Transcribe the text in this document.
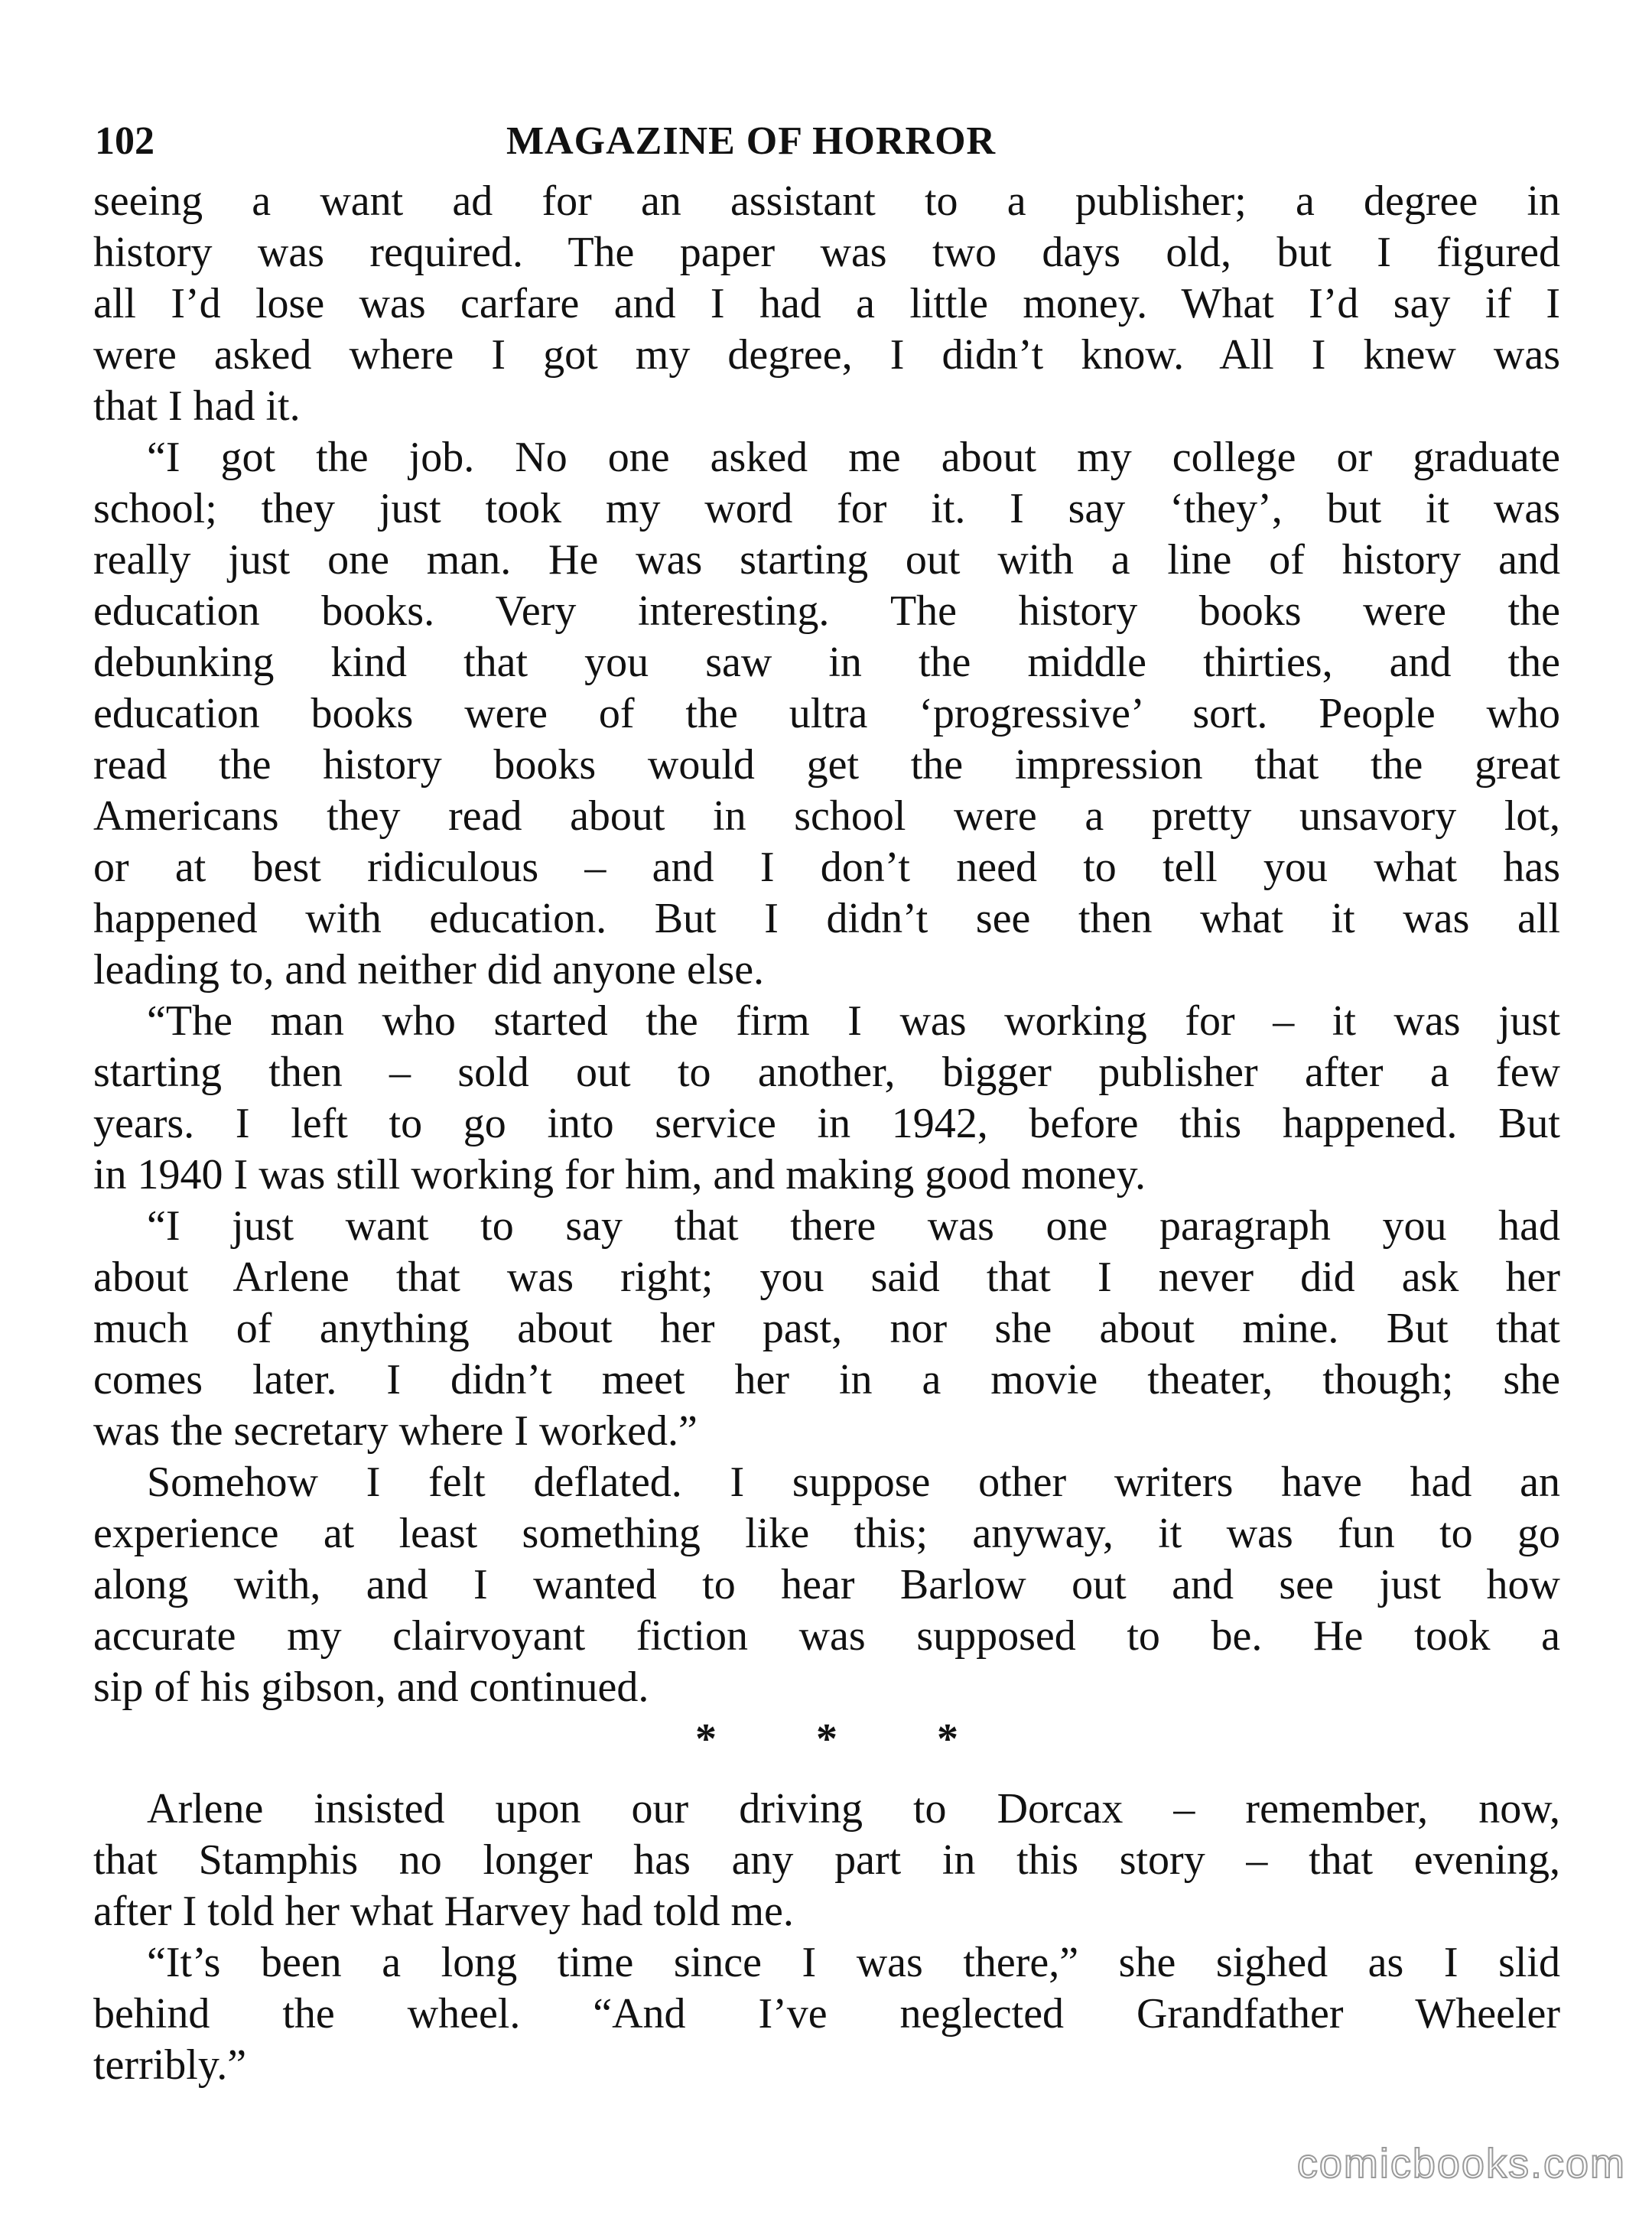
102	MAGAZINE OF HORROR

seeing a want ad for an assistant to a publisher; a degree in
history was required. The paper was two days old, but I figured
all I’d lose was carfare and I had a little money. What I’d say if I
were asked where I got my degree, I didn’t know. All I knew was
that I had it.

“I got the job. No one asked me about my college or graduate
school; they just took my word for it. I say ‘they’, but it was
really just one man. He was starting out with a line of history and
education books. Very interesting. The history books were the
debunking kind that you saw in the middle thirties, and the
education books were of the ultra ‘progressive’ sort. People who
read the history books would get the impression that the great
Americans they read about in school were a pretty unsavory lot,
or at best ridiculous – and I don’t need to tell you what has
happened with education. But I didn’t see then what it was all
leading to, and neither did anyone else.

“The man who started the firm I was working for – it was just
starting then – sold out to another, bigger publisher after a few
years. I left to go into service in 1942, before this happened. But
in 1940 I was still working for him, and making good money.

“I just want to say that there was one paragraph you had
about Arlene that was right; you said that I never did ask her
much of anything about her past, nor she about mine. But that
comes later. I didn’t meet her in a movie theater, though; she
was the secretary where I worked.”

Somehow I felt deflated. I suppose other writers have had an
experience at least something like this; anyway, it was fun to go
along with, and I wanted to hear Barlow out and see just how
accurate my clairvoyant fiction was supposed to be. He took a
sip of his gibson, and continued.

* * *

Arlene insisted upon our driving to Dorcax – remember, now,
that Stamphis no longer has any part in this story – that evening,
after I told her what Harvey had told me.

“It’s been a long time since I was there,” she sighed as I slid
behind the wheel. “And I’ve neglected Grandfather Wheeler
terribly.”

comicbooks.com
